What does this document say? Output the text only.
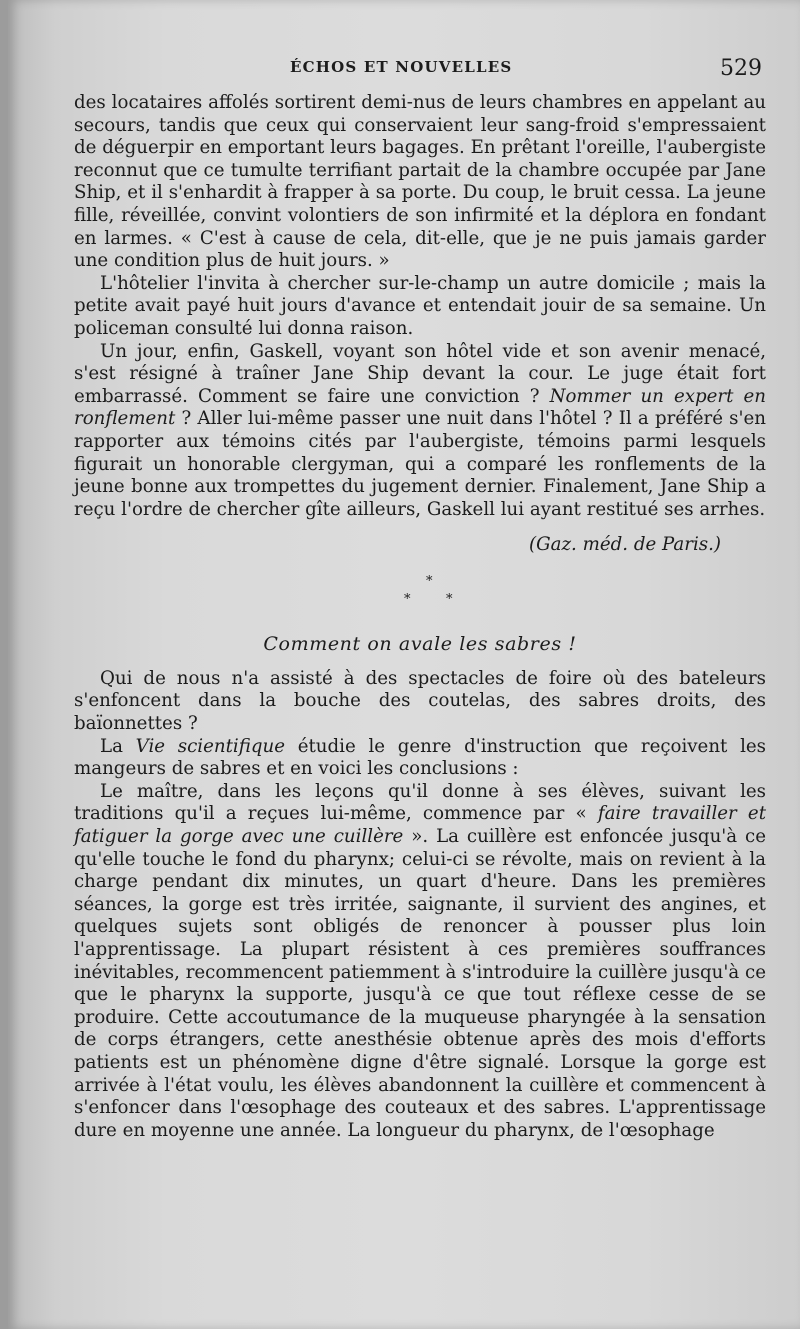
ÉCHOS ET NOUVELLES	529

des locataires affolés sortirent demi-nus de leurs chambres en appelant au secours, tandis que ceux qui conservaient leur sang-froid s'empressaient de déguerpir en emportant leurs bagages. En prêtant l'oreille, l'aubergiste reconnut que ce tumulte terrifiant partait de la chambre occupée par Jane Ship, et il s'enhardit à frapper à sa porte. Du coup, le bruit cessa. La jeune fille, réveillée, convint volontiers de son infirmité et la déplora en fondant en larmes. « C'est à cause de cela, dit-elle, que je ne puis jamais garder une condition plus de huit jours. »

L'hôtelier l'invita à chercher sur-le-champ un autre domicile ; mais la petite avait payé huit jours d'avance et entendait jouir de sa semaine. Un policeman consulté lui donna raison.

Un jour, enfin, Gaskell, voyant son hôtel vide et son avenir menacé, s'est résigné à traîner Jane Ship devant la cour. Le juge était fort embarrassé. Comment se faire une conviction ? Nommer un expert en ronflement ? Aller lui-même passer une nuit dans l'hôtel ? Il a préféré s'en rapporter aux témoins cités par l'aubergiste, témoins parmi lesquels figurait un honorable clergyman, qui a comparé les ronflements de la jeune bonne aux trompettes du jugement dernier. Finalement, Jane Ship a reçu l'ordre de chercher gîte ailleurs, Gaskell lui ayant restitué ses arrhes.

(Gaz. méd. de Paris.)
*
*	*
Comment on avale les sabres !

Qui de nous n'a assisté à des spectacles de foire où des bateleurs s'enfoncent dans la bouche des coutelas, des sabres droits, des baïonnettes ?

La Vie scientifique étudie le genre d'instruction que reçoivent les mangeurs de sabres et en voici les conclusions :

Le maître, dans les leçons qu'il donne à ses élèves, suivant les traditions qu'il a reçues lui-même, commence par « faire travailler et fatiguer la gorge avec une cuillère ». La cuillère est enfoncée jusqu'à ce qu'elle touche le fond du pharynx; celui-ci se révolte, mais on revient à la charge pendant dix minutes, un quart d'heure. Dans les premières séances, la gorge est très irritée, saignante, il survient des angines, et quelques sujets sont obligés de renoncer à pousser plus loin l'apprentissage. La plupart résistent à ces premières souffrances inévitables, recommencent patiemment à s'introduire la cuillère jusqu'à ce que le pharynx la supporte, jusqu'à ce que tout réflexe cesse de se produire. Cette accoutumance de la muqueuse pharyngée à la sensation de corps étrangers, cette anesthésie obtenue après des mois d'efforts patients est un phénomène digne d'être signalé. Lorsque la gorge est arrivée à l'état voulu, les élèves abandonnent la cuillère et commencent à s'enfoncer dans l'œsophage des couteaux et des sabres. L'apprentissage dure en moyenne une année. La longueur du pharynx, de l'œsophage
